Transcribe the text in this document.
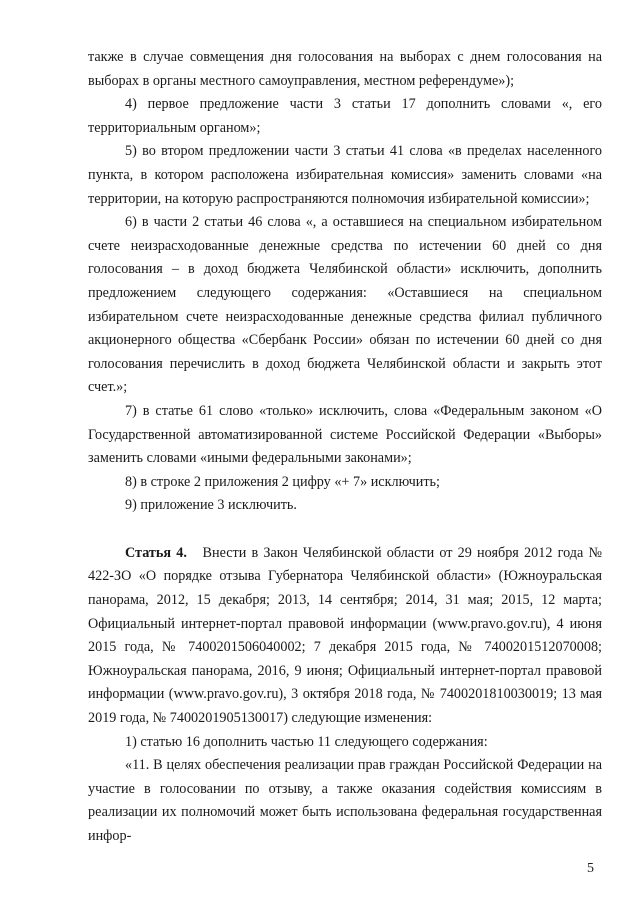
также в случае совмещения дня голосования на выборах с днем голосования на выборах в органы местного самоуправления, местном референдуме»);

4) первое предложение части 3 статьи 17 дополнить словами «, его территориальным органом»;

5) во втором предложении части 3 статьи 41 слова «в пределах населенного пункта, в котором расположена избирательная комиссия» заменить словами «на территории, на которую распространяются полномочия избирательной комиссии»;

6) в части 2 статьи 46 слова «, а оставшиеся на специальном избирательном счете неизрасходованные денежные средства по истечении 60 дней со дня голосования – в доход бюджета Челябинской области» исключить, дополнить предложением следующего содержания: «Оставшиеся на специальном избирательном счете неизрасходованные денежные средства филиал публичного акционерного общества «Сбербанк России» обязан по истечении 60 дней со дня голосования перечислить в доход бюджета Челябинской области и закрыть этот счет.»;

7) в статье 61 слово «только» исключить, слова «Федеральным законом «О Государственной автоматизированной системе Российской Федерации «Выборы» заменить словами «иными федеральными законами»;

8) в строке 2 приложения 2 цифру «+ 7» исключить;

9) приложение 3 исключить.

Статья 4. Внести в Закон Челябинской области от 29 ноября 2012 года № 422-ЗО «О порядке отзыва Губернатора Челябинской области» (Южноуральская панорама, 2012, 15 декабря; 2013, 14 сентября; 2014, 31 мая; 2015, 12 марта; Официальный интернет-портал правовой информации (www.pravo.gov.ru), 4 июня 2015 года, № 7400201506040002; 7 декабря 2015 года, № 7400201512070008; Южноуральская панорама, 2016, 9 июня; Официальный интернет-портал правовой информации (www.pravo.gov.ru), 3 октября 2018 года, № 7400201810030019; 13 мая 2019 года, № 7400201905130017) следующие изменения:

1) статью 16 дополнить частью 11 следующего содержания:

«11. В целях обеспечения реализации прав граждан Российской Федерации на участие в голосовании по отзыву, а также оказания содействия комиссиям в реализации их полномочий может быть использована федеральная государственная инфор-

5
